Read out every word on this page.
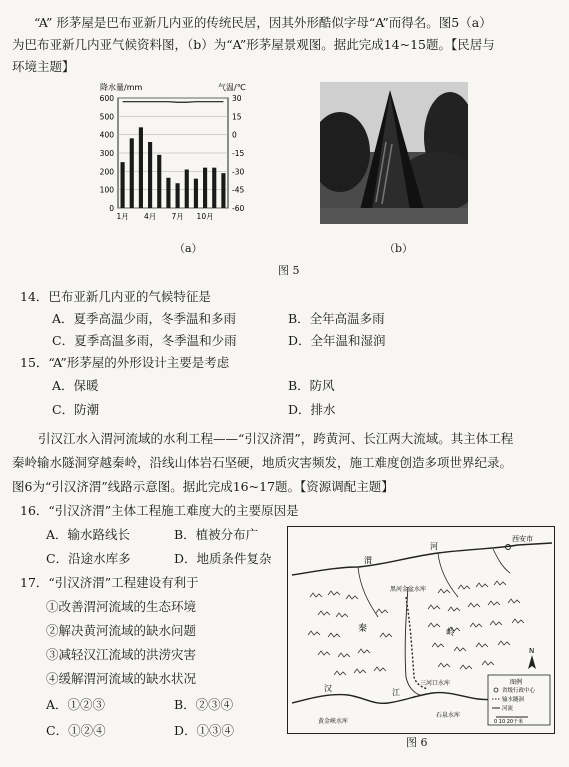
“A” 形茅屋是巴布亚新几内亚的传统民居，因其外形酷似字母“A”而得名。图5（a）
为巴布亚新几内亚气候资料图，（b）为“A”形茅屋景观图。据此完成14~15题。【民居与
环境主题】
降水量/mm	气温/℃
0
100
200
300
400
500
600	30
15
0
-15
-30
-45
-60
1月 4月 7月 10月
（a）	（b）
图 5
14．巴布亚新几内亚的气候特征是
A．夏季高温少雨，冬季温和多雨	B．全年高温多雨
C．夏季高温多雨，冬季温和少雨	D．全年温和湿润
15．“A”形茅屋的外形设计主要是考虑
A．保暖	B．防风
C．防潮	D．排水
引汉江水入渭河流域的水利工程——“引汉济渭”，跨黄河、长江两大流域。其主体工程
秦岭输水隧洞穿越秦岭，沿线山体岩石坚硬，地质灾害频发，施工难度创造多项世界纪录。
图6为“引汉济渭”线路示意图。据此完成16~17题。【资源调配主题】
16．“引汉济渭”主体工程施工难度大的主要原因是
A．输水路线长	B．植被分布广
C．沿途水库多	D．地质条件复杂
17．“引汉济渭”工程建设有利于
①改善渭河流域的生态环境
②解决黄河流域的缺水问题
③减轻汉江流域的洪涝灾害
④缓解渭河流域的缺水状况
A．①②③	B．②③④
C．①②④	D．①③④
西安市
渭
河
黑河金盆水库
秦	岭
三河口水库
汉	江
黄金峡水库
石泉水库
N
图例
省级行政中心
输水隧洞
河流
0 10 20千米
图 6
